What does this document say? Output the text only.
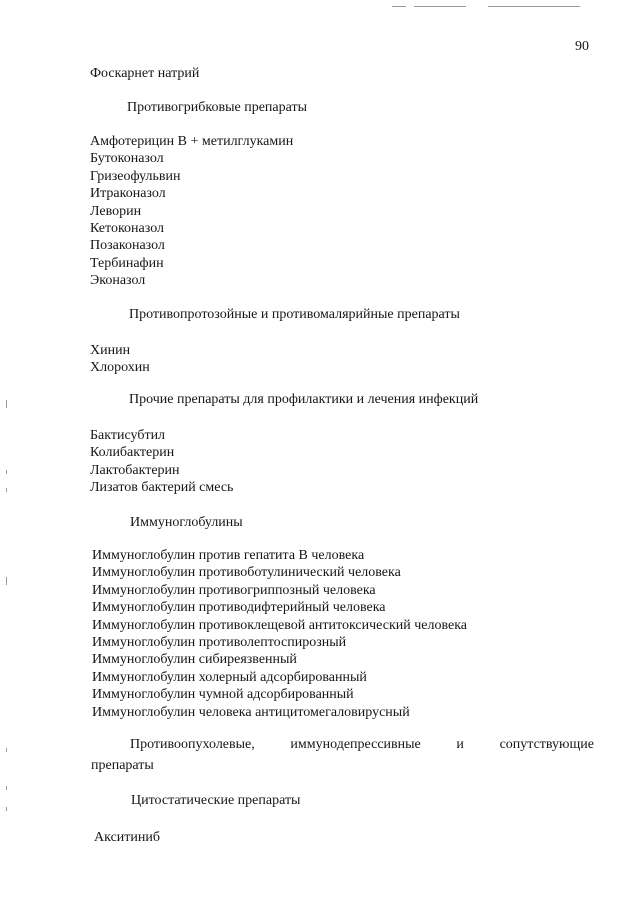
90
Фоскарнет натрий
Противогрибковые препараты
Амфотерицин В + метилглукамин
Бутоконазол
Гризеофульвин
Итраконазол
Леворин
Кетоконазол
Позаконазол
Тербинафин
Эконазол
Противопротозойные и противомалярийные препараты
Хинин
Хлорохин
Прочие препараты для профилактики и лечения инфекций
Бактисубтил
Колибактерин
Лактобактерин
Лизатов бактерий смесь
Иммуноглобулины
Иммуноглобулин против гепатита В человека
Иммуноглобулин противоботулинический человека
Иммуноглобулин противогриппозный человека
Иммуноглобулин противодифтерийный человека
Иммуноглобулин противоклещевой антитоксический человека
Иммуноглобулин противолептоспирозный
Иммуноглобулин сибиреязвенный
Иммуноглобулин холерный адсорбированный
Иммуноглобулин чумной адсорбированный
Иммуноглобулин человека антицитомегаловирусный
Противоопухолевые,	иммунодепрессивные	и	сопутствующие
препараты
Цитостатические препараты
Акситиниб
